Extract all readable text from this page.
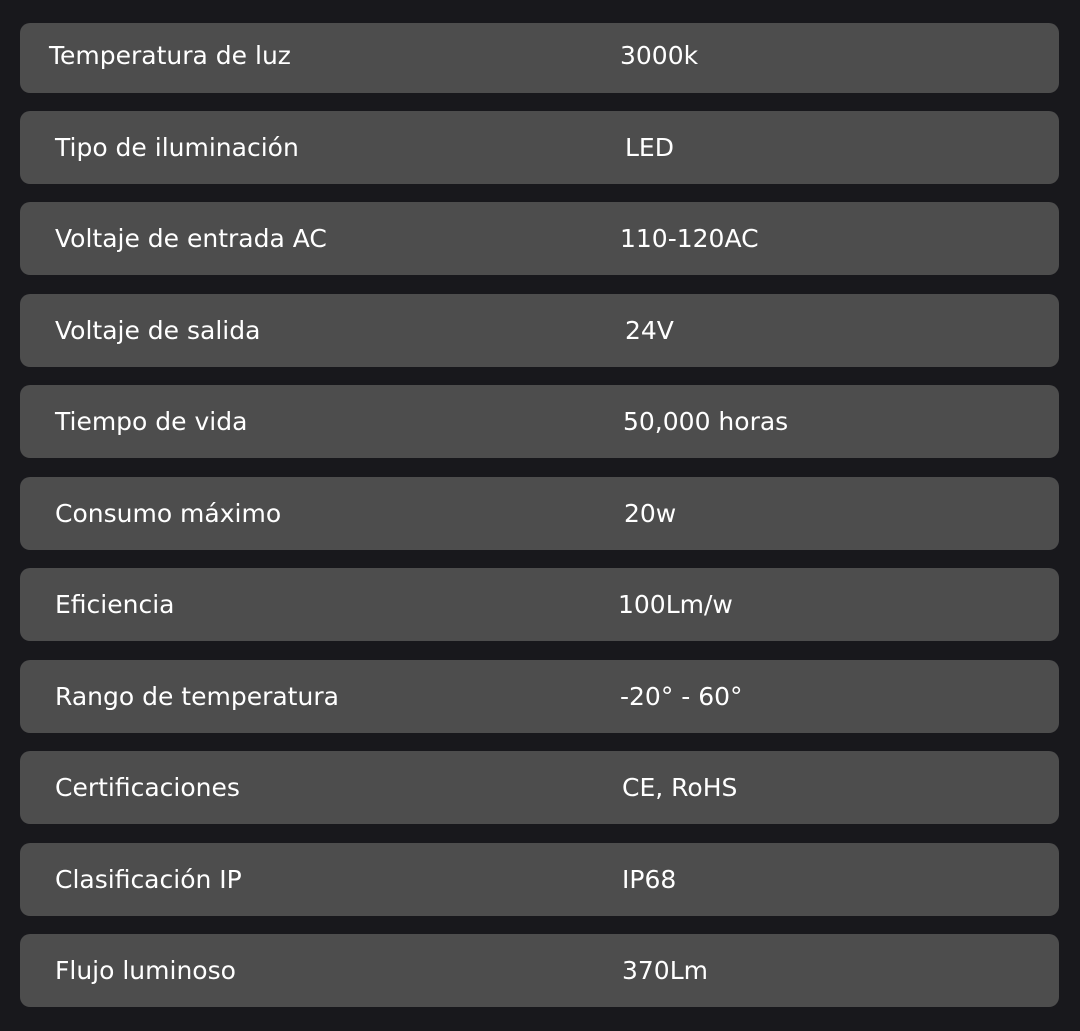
Temperatura de luz	3000k
Tipo de iluminación	LED
Voltaje de entrada AC	110-120AC
Voltaje de salida	24V
Tiempo de vida	50,000 horas
Consumo máximo	20w
Eficiencia	100Lm/w
Rango de temperatura	-20° - 60°
Certificaciones	CE, RoHS
Clasificación IP	IP68
Flujo luminoso	370Lm
